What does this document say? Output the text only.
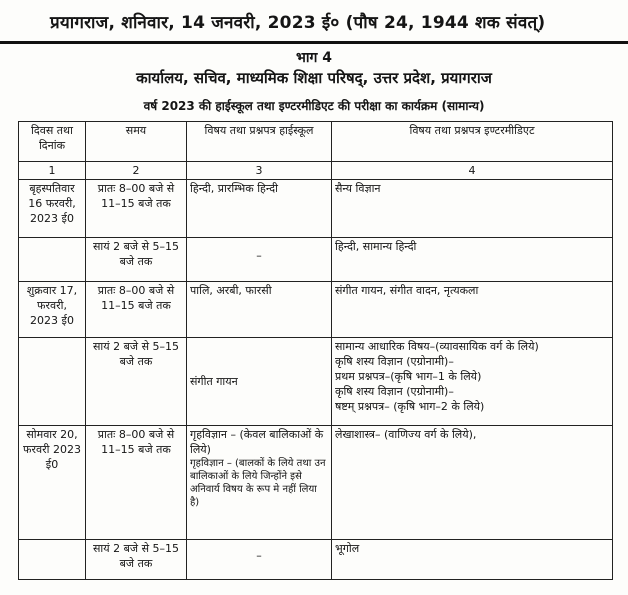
प्रयागराज, शनिवार, 14 जनवरी, 2023 ई० (पौष 24, 1944 शक संवत्)
भाग 4
कार्यालय, सचिव, माध्यमिक शिक्षा परिषद्, उत्तर प्रदेश, प्रयागराज
वर्ष 2023 की हाईस्कूल तथा इण्टरमीडिएट की परीक्षा का कार्यक्रम (सामान्य)
दिवस तथा दिनांक	समय	विषय तथा प्रश्नपत्र हाईस्कूल	विषय तथा प्रश्नपत्र इण्टरमीडिएट
1	2	3	4
बृहस्पतिवार 16 फरवरी, 2023 ई0	प्रातः 8–00 बजे से 11–15 बजे तक	हिन्दी, प्रारम्भिक हिन्दी	सैन्य विज्ञान
	सायं 2 बजे से 5–15 बजे तक	–	हिन्दी, सामान्य हिन्दी
शुक्रवार 17, फरवरी, 2023 ई0	प्रातः 8–00 बजे से 11–15 बजे तक	पालि, अरबी, फारसी	संगीत गायन, संगीत वादन, नृत्यकला
	सायं 2 बजे से 5–15 बजे तक	संगीत गायन	सामान्य आधारिक विषय–(व्यावसायिक वर्ग के लिये)
कृषि शस्य विज्ञान (एग्रोनामी)–
प्रथम प्रश्नपत्र–(कृषि भाग–1 के लिये)
कृषि शस्य विज्ञान (एग्रोनामी)–
षष्टम् प्रश्नपत्र– (कृषि भाग–2 के लिये)

सोमवार 20, फरवरी 2023 ई0	प्रातः 8–00 बजे से 11–15 बजे तक	गृहविज्ञान – (केवल बालिकाओं के लिये)
गृहविज्ञान – (बालकों के लिये तथा उन बालिकाओं के लिये जिन्होंने इसे अनिवार्य विषय के रूप मे नहीं लिया है)	लेखाशास्त्र– (वाणिज्य वर्ग के लिये),
	सायं 2 बजे से 5–15 बजे तक	–	भूगोल
